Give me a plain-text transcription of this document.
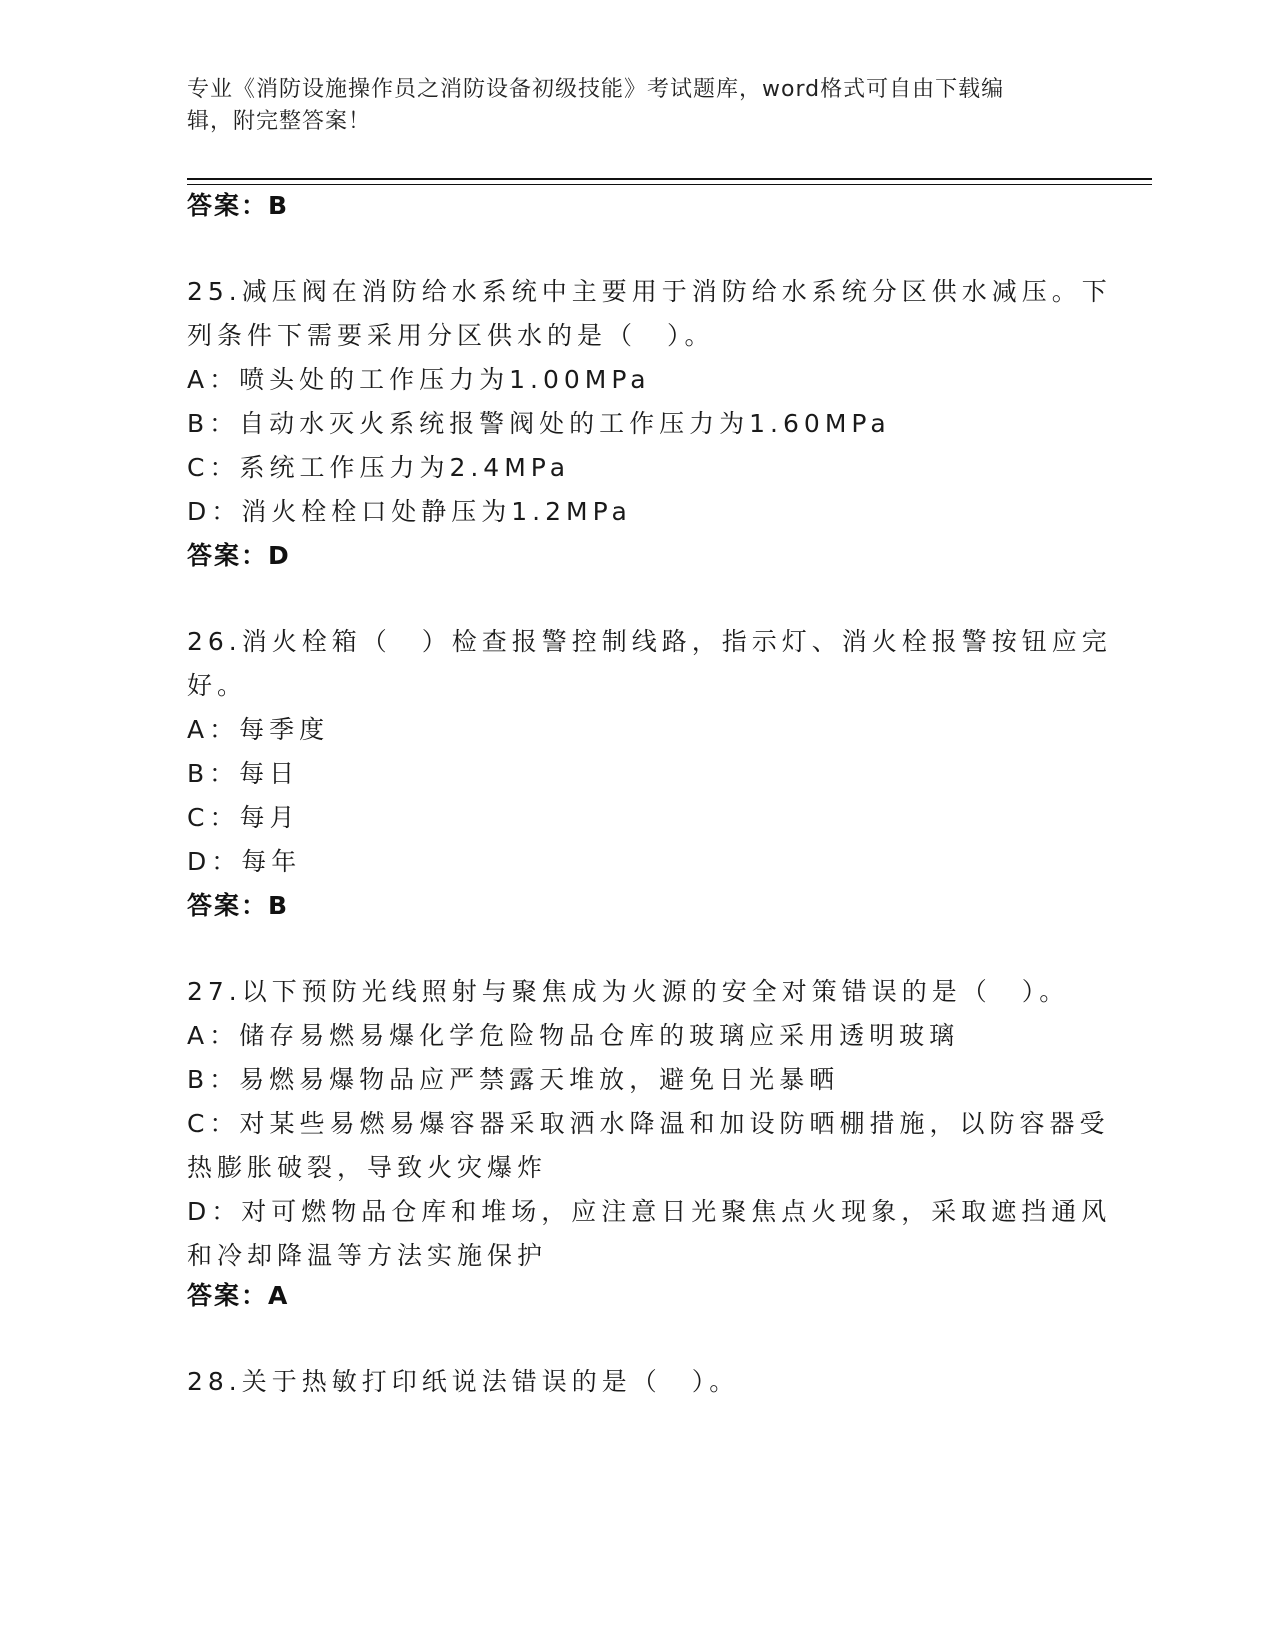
专业《消防设施操作员之消防设备初级技能》考试题库，word格式可自由下载编
辑，附完整答案！
答案：B
25.减压阀在消防给水系统中主要用于消防给水系统分区供水减压。下
列条件下需要采用分区供水的是（　）。
A：喷头处的工作压力为1.00MPa
B：自动水灭火系统报警阀处的工作压力为1.60MPa
C：系统工作压力为2.4MPa
D：消火栓栓口处静压为1.2MPa
答案：D
26.消火栓箱（　）检查报警控制线路，指示灯、消火栓报警按钮应完
好。
A：每季度
B：每日
C：每月
D：每年
答案：B
27.以下预防光线照射与聚焦成为火源的安全对策错误的是（　）。
A：储存易燃易爆化学危险物品仓库的玻璃应采用透明玻璃
B：易燃易爆物品应严禁露天堆放，避免日光暴晒
C：对某些易燃易爆容器采取洒水降温和加设防晒棚措施，以防容器受
热膨胀破裂，导致火灾爆炸
D：对可燃物品仓库和堆场，应注意日光聚焦点火现象，采取遮挡通风
和冷却降温等方法实施保护
答案：A
28.关于热敏打印纸说法错误的是（　）。
